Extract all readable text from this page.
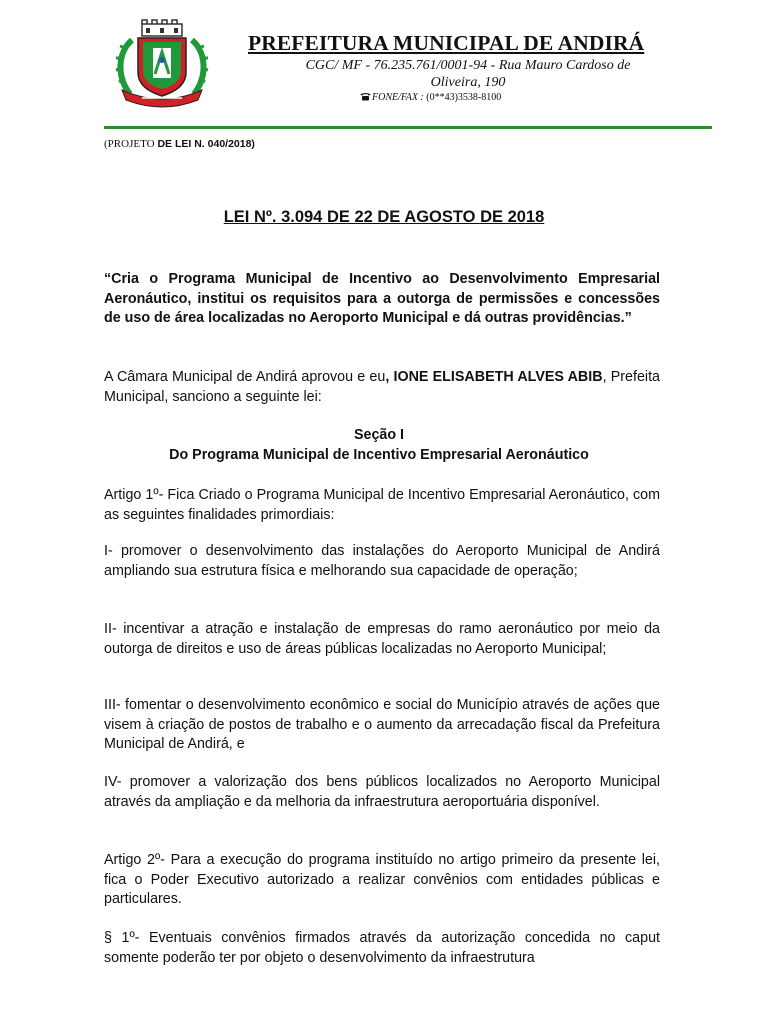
PREFEITURA MUNICIPAL DE ANDIRÁ
CGC/ MF - 76.235.761/0001-94 - Rua Mauro Cardoso de
Oliveira, 190
FONE/FAX : (0**43)3538-8100
(PROJETO DE LEI N. 040/2018)
LEI Nº. 3.094 DE 22 DE AGOSTO DE 2018
“Cria o Programa Municipal de Incentivo ao Desenvolvimento Empresarial Aeronáutico, institui os requisitos para a outorga de permissões e concessões de uso de área localizadas no Aeroporto Municipal e dá outras providências.”
A Câmara Municipal de Andirá aprovou e eu, IONE ELISABETH ALVES ABIB, Prefeita Municipal, sanciono a seguinte lei:
Seção I
Do Programa Municipal de Incentivo Empresarial Aeronáutico
Artigo 1º- Fica Criado o Programa Municipal de Incentivo Empresarial Aeronáutico, com as seguintes finalidades primordiais:
I- promover o desenvolvimento das instalações do Aeroporto Municipal de Andirá ampliando sua estrutura física e melhorando sua capacidade de operação;
II- incentivar a atração e instalação de empresas do ramo aeronáutico por meio da outorga de direitos e uso de áreas públicas localizadas no Aeroporto Municipal;
III- fomentar o desenvolvimento econômico e social do Município através de ações que visem à criação de postos de trabalho e o aumento da arrecadação fiscal da Prefeitura Municipal de Andirá, e
IV- promover a valorização dos bens públicos localizados no Aeroporto Municipal através da ampliação e da melhoria da infraestrutura aeroportuária disponível.
Artigo 2º- Para a execução do programa instituído no artigo primeiro da presente lei, fica o Poder Executivo autorizado a realizar convênios com entidades públicas e particulares.
§ 1º- Eventuais convênios firmados através da autorização concedida no caput somente poderão ter por objeto o desenvolvimento da infraestrutura
